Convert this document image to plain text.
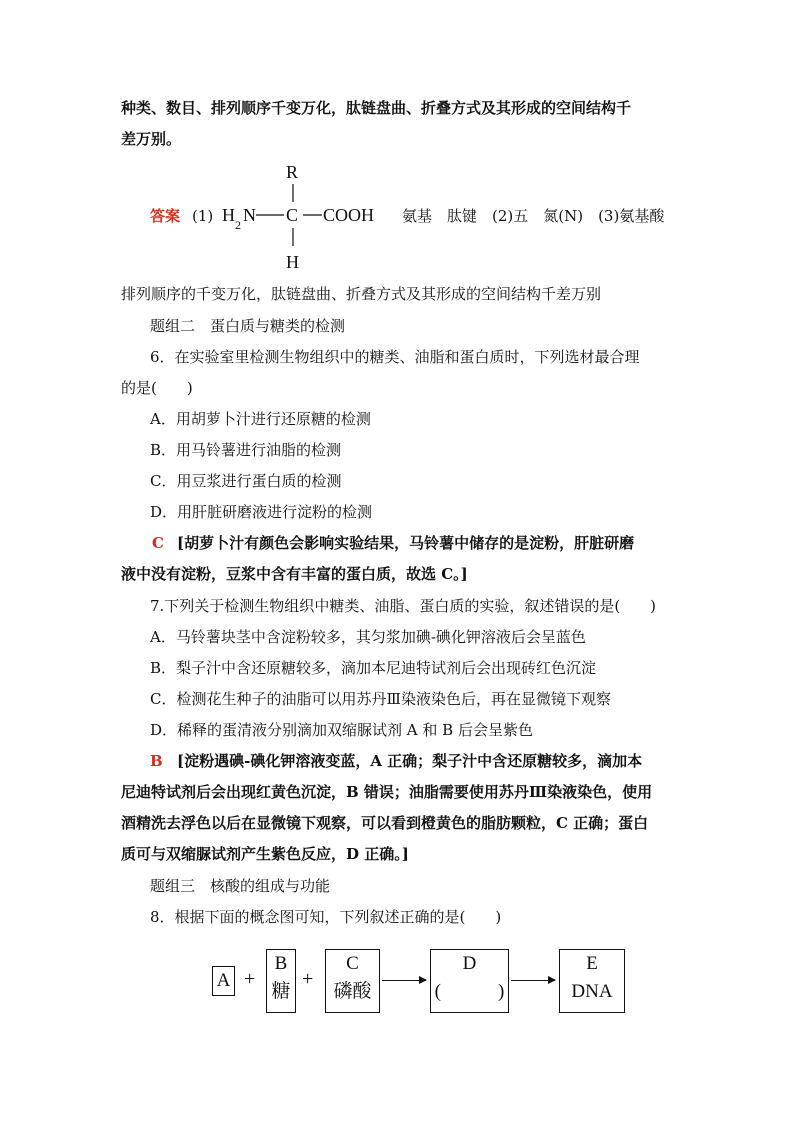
种类、数目、排列顺序千变万化，肽链盘曲、折叠方式及其形成的空间结构千
差万别。
答案 (1)
R
H 2 N C COOH
H
氨基　肽键　(2)五　氮(N)　(3)氨基酸
排列顺序的千变万化，肽链盘曲、折叠方式及其形成的空间结构千差万别
题组二　蛋白质与糖类的检测
6．在实验室里检测生物组织中的糖类、油脂和蛋白质时，下列选材最合理
的是(　　)
A．用胡萝卜汁进行还原糖的检测
B．用马铃薯进行油脂的检测
C．用豆浆进行蛋白质的检测
D．用肝脏研磨液进行淀粉的检测
C [胡萝卜汁有颜色会影响实验结果，马铃薯中储存的是淀粉，肝脏研磨
液中没有淀粉，豆浆中含有丰富的蛋白质，故选 C。]
7.下列关于检测生物组织中糖类、油脂、蛋白质的实验，叙述错误的是(　　)
A．马铃薯块茎中含淀粉较多，其匀浆加碘-碘化钾溶液后会呈蓝色
B．梨子汁中含还原糖较多，滴加本尼迪特试剂后会出现砖红色沉淀
C．检测花生种子的油脂可以用苏丹Ⅲ染液染色后，再在显微镜下观察
D．稀释的蛋清液分别滴加双缩脲试剂 A 和 B 后会呈紫色
B [淀粉遇碘-碘化钾溶液变蓝，A 正确；梨子汁中含还原糖较多，滴加本
尼迪特试剂后会出现红黄色沉淀，B 错误；油脂需要使用苏丹Ⅲ染液染色，使用
酒精洗去浮色以后在显微镜下观察，可以看到橙黄色的脂肪颗粒，C 正确；蛋白
质可与双缩脲试剂产生紫色反应，D 正确。]
题组三　核酸的组成与功能
8．根据下面的概念图可知，下列叙述正确的是(　　)
A +
B
糖
+
C
磷酸
D
(　　　)
E
DNA
